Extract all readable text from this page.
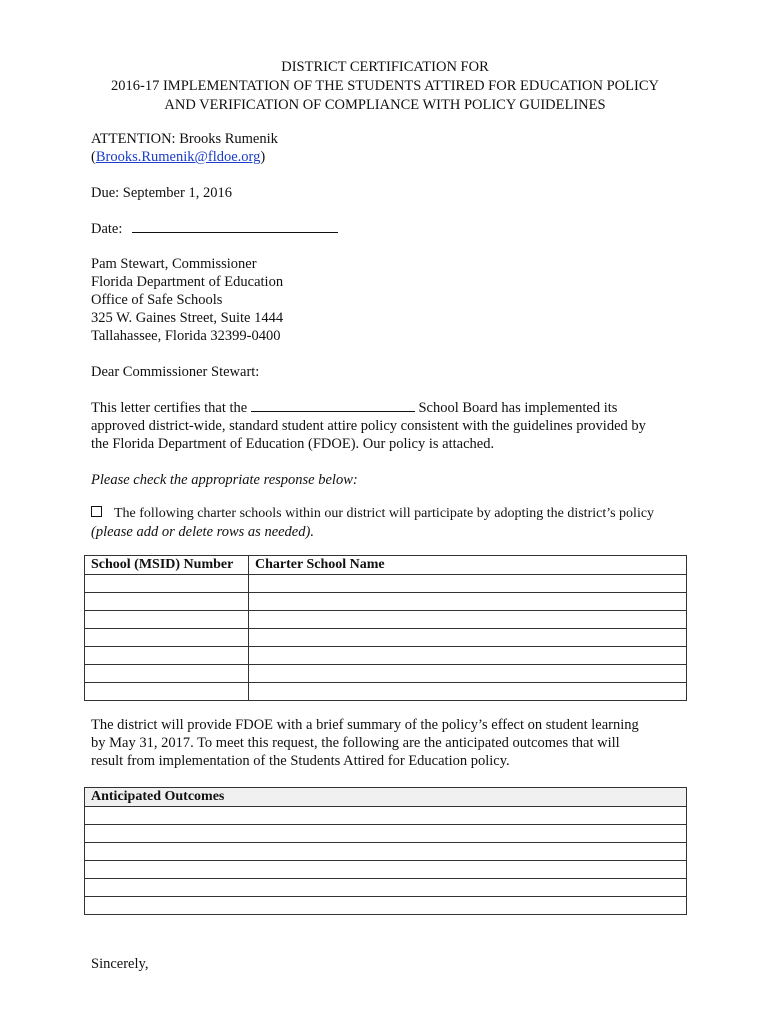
DISTRICT CERTIFICATION FOR
2016-17 IMPLEMENTATION OF THE STUDENTS ATTIRED FOR EDUCATION POLICY
AND VERIFICATION OF COMPLIANCE WITH POLICY GUIDELINES
ATTENTION: Brooks Rumenik
(Brooks.Rumenik@fldoe.org)
Due: September 1, 2016
Date:
Pam Stewart, Commissioner
Florida Department of Education
Office of Safe Schools
325 W. Gaines Street, Suite 1444
Tallahassee, Florida 32399-0400
Dear Commissioner Stewart:
This letter certifies that the	School Board has implemented its
approved district-wide, standard student attire policy consistent with the guidelines provided by
the Florida Department of Education (FDOE). Our policy is attached.
Please check the appropriate response below:
The following charter schools within our district will participate by adopting the district’s policy
(please add or delete rows as needed).
School (MSID) Number	Charter School Name

The district will provide FDOE with a brief summary of the policy’s effect on student learning
by May 31, 2017. To meet this request, the following are the anticipated outcomes that will
result from implementation of the Students Attired for Education policy.
Anticipated Outcomes

Sincerely,
